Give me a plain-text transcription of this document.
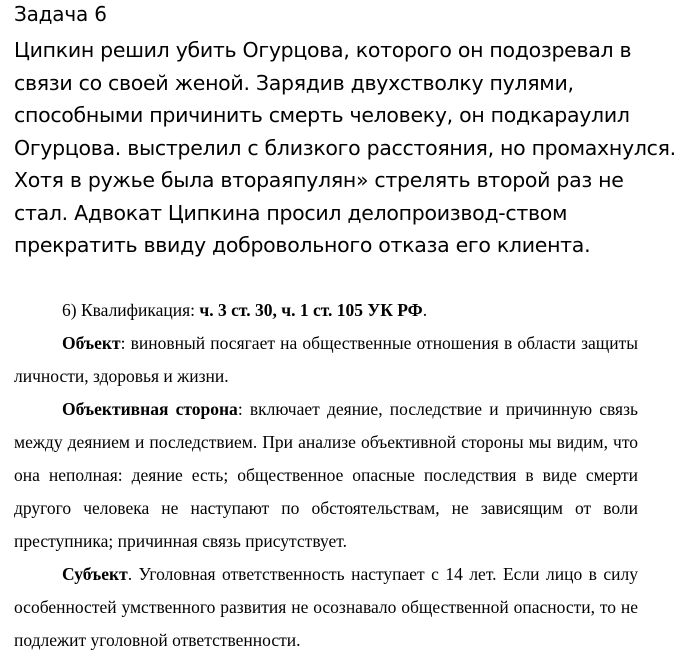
Задача 6

Ципкин решил убить Огурцова, которого он подозревал в связи со своей женой. Зарядив двухстволку пулями, способными причинить смерть человеку, он подкараулил Огурцова. выстрелил с близкого расстояния, но промахнулся. Хотя в ружье была втораяпулян» стрелять второй раз не стал. Адвокат Ципкина просил делопроизвод-ством прекратить ввиду добровольного отказа его клиента.

6) Квалификация: ч. 3 ст. 30, ч. 1 ст. 105 УК РФ.

Объект: виновный посягает на общественные отношения в области защиты личности, здоровья и жизни.

Объективная сторона: включает деяние, последствие и причинную связь между деянием и последствием. При анализе объективной стороны мы видим, что она неполная: деяние есть; общественное опасные последствия в виде смерти другого человека не наступают по обстоятельствам, не зависящим от воли преступника; причинная связь присутствует.

Субъект. Уголовная ответственность наступает с 14 лет. Если лицо в силу особенностей умственного развития не осознавало общественной опасности, то не подлежит уголовной ответственности.
